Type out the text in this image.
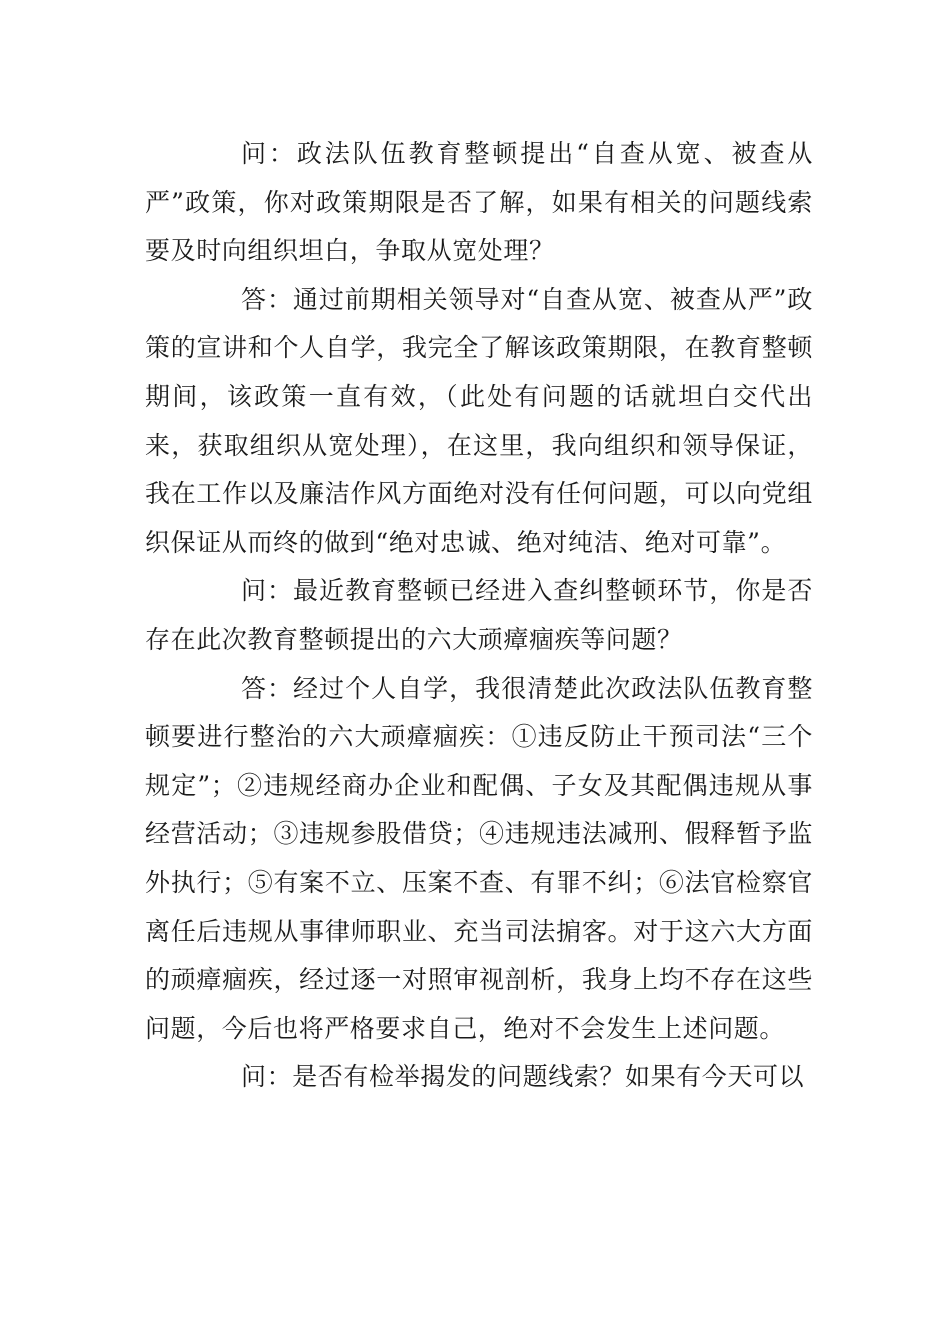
问：政法队伍教育整顿提出“自查从宽、被查从严”政策，你对政策期限是否了解，如果有相关的问题线索要及时向组织坦白，争取从宽处理？

答：通过前期相关领导对“自查从宽、被查从严”政策的宣讲和个人自学，我完全了解该政策期限，在教育整顿期间，该政策一直有效，（此处有问题的话就坦白交代出来，获取组织从宽处理），在这里，我向组织和领导保证，我在工作以及廉洁作风方面绝对没有任何问题，可以向党组织保证从而终的做到“绝对忠诚、绝对纯洁、绝对可靠”。

问：最近教育整顿已经进入查纠整顿环节，你是否存在此次教育整顿提出的六大顽瘴痼疾等问题？

答：经过个人自学，我很清楚此次政法队伍教育整顿要进行整治的六大顽瘴痼疾：①违反防止干预司法“三个规定”；②违规经商办企业和配偶、子女及其配偶违规从事经营活动；③违规参股借贷；④违规违法减刑、假释暂予监外执行；⑤有案不立、压案不查、有罪不纠；⑥法官检察官离任后违规从事律师职业、充当司法掮客。对于这六大方面的顽瘴痼疾，经过逐一对照审视剖析，我身上均不存在这些问题，今后也将严格要求自己，绝对不会发生上述问题。

问：是否有检举揭发的问题线索？如果有今天可以
